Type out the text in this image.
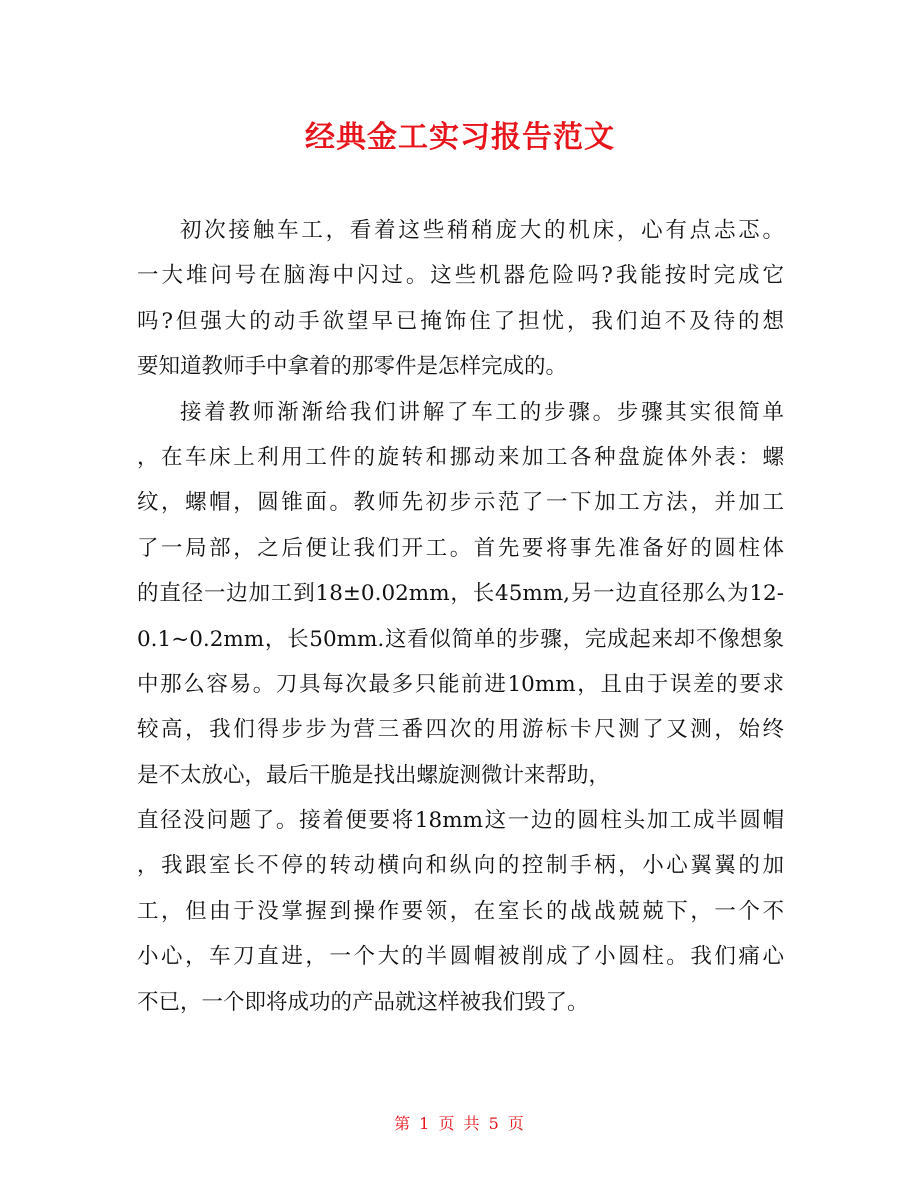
经典金工实习报告范文
初次接触车工，看着这些稍稍庞大的机床，心有点忐忑。
一大堆问号在脑海中闪过。这些机器危险吗?我能按时完成它
吗?但强大的动手欲望早已掩饰住了担忧，我们迫不及待的想
要知道教师手中拿着的那零件是怎样完成的。
接着教师渐渐给我们讲解了车工的步骤。步骤其实很简单
，在车床上利用工件的旋转和挪动来加工各种盘旋体外表：螺
纹，螺帽，圆锥面。教师先初步示范了一下加工方法，并加工
了一局部，之后便让我们开工。首先要将事先准备好的圆柱体
的直径一边加工到18±0.02mm，长45mm,另一边直径那么为12-
0.1~0.2mm，长50mm.这看似简单的步骤，完成起来却不像想象
中那么容易。刀具每次最多只能前进10mm，且由于误差的要求
较高，我们得步步为营三番四次的用游标卡尺测了又测，始终
是不太放心，最后干脆是找出螺旋测微计来帮助，
直径没问题了。接着便要将18mm这一边的圆柱头加工成半圆帽
，我跟室长不停的转动横向和纵向的控制手柄，小心翼翼的加
工，但由于没掌握到操作要领，在室长的战战兢兢下，一个不
小心，车刀直进，一个大的半圆帽被削成了小圆柱。我们痛心
不已，一个即将成功的产品就这样被我们毁了。
第 1 页 共 5 页
